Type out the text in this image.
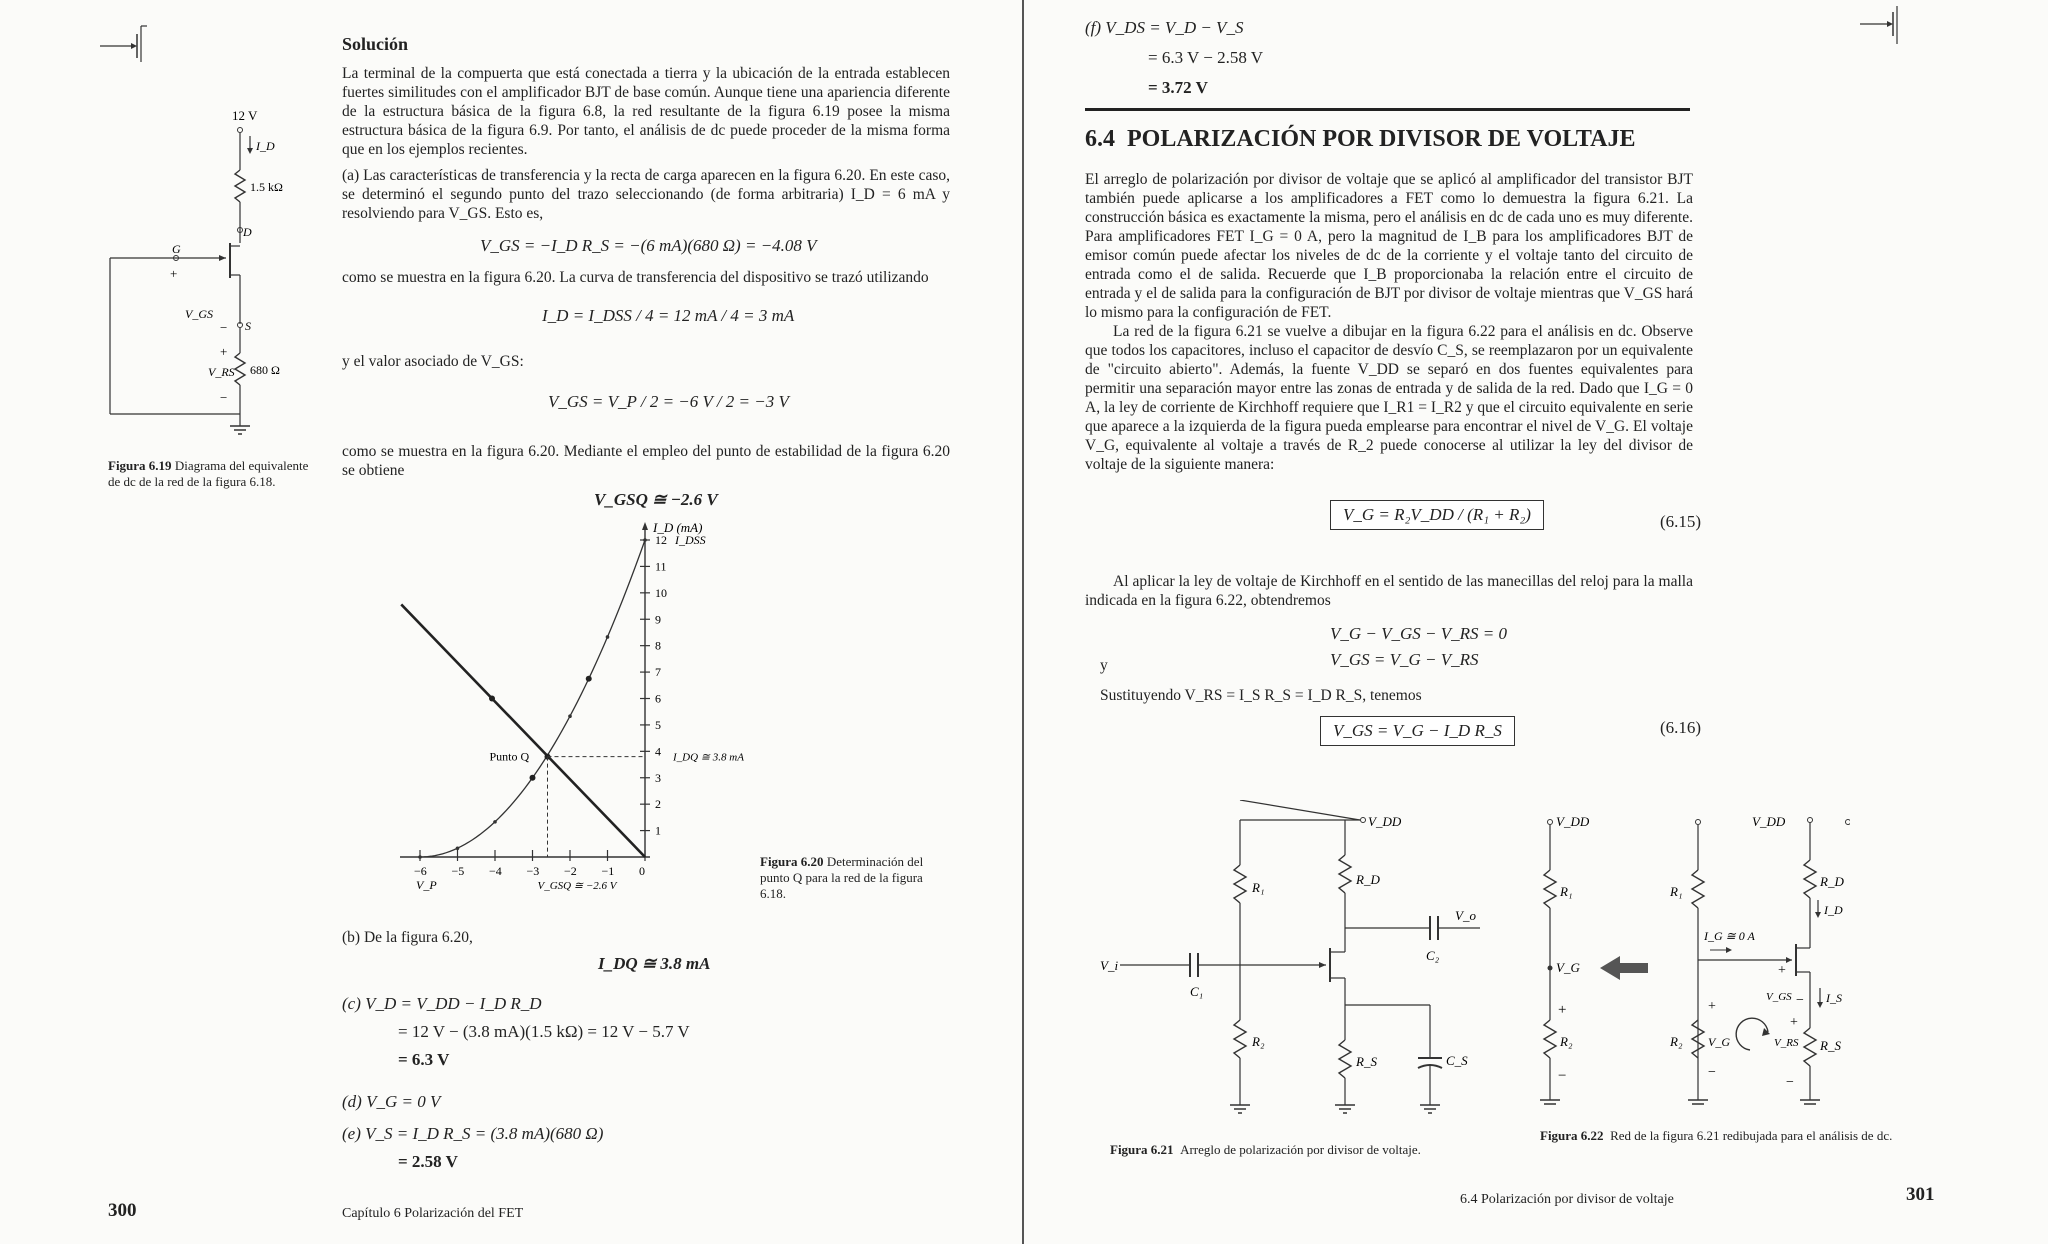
12 V
I_D
1.5 kΩ
D
G
+
V_GS
− S
+
V_RS 680 Ω
−
Figura 6.19 Diagrama del equivalente de dc de la red de la figura 6.18.
Solución
La terminal de la compuerta que está conectada a tierra y la ubicación de la entrada establecen fuertes similitudes con el amplificador BJT de base común. Aunque tiene una apariencia diferente de la estructura básica de la figura 6.8, la red resultante de la figura 6.19 posee la misma estructura básica de la figura 6.9. Por tanto, el análisis de dc puede proceder de la misma forma que en los ejemplos recientes.
(a) Las características de transferencia y la recta de carga aparecen en la figura 6.20. En este caso, se determinó el segundo punto del trazo seleccionando (de forma arbitraria) I_D = 6 mA y resolviendo para V_GS. Esto es,
V_GS = −I_D R_S = −(6 mA)(680 Ω) = −4.08 V
como se muestra en la figura 6.20. La curva de transferencia del dispositivo se trazó utilizando
I_D = I_DSS / 4 = 12 mA / 4 = 3 mA
y el valor asociado de V_GS:
V_GS = V_P / 2 = −6 V / 2 = −3 V
como se muestra en la figura 6.20. Mediante el empleo del punto de estabilidad de la figura 6.20 se obtiene
V_GSQ ≅ −2.6 V
I_D (mA)
−6 −5 −4 −3 −2 −1 0
1
2
3
4
5
6
7
8
9
10
11
12 I_DSS
V_P
Punto Q	I_DQ ≅ 3.8 mA
V_GSQ ≅ −2.6 V
Figura 6.20 Determinación del punto Q para la red de la figura 6.18.
(b) De la figura 6.20,
I_DQ ≅ 3.8 mA
(c) V_D = V_DD − I_D R_D
= 12 V − (3.8 mA)(1.5 kΩ) = 12 V − 5.7 V
= 6.3 V
(d) V_G = 0 V
(e) V_S = I_D R_S = (3.8 mA)(680 Ω)
= 2.58 V
300	Capítulo 6 Polarización del FET
(f) V_DS = V_D − V_S
= 6.3 V − 2.58 V
= 3.72 V
6.4 POLARIZACIÓN POR DIVISOR DE VOLTAJE
El arreglo de polarización por divisor de voltaje que se aplicó al amplificador del transistor BJT también puede aplicarse a los amplificadores a FET como lo demuestra la figura 6.21. La construcción básica es exactamente la misma, pero el análisis en dc de cada uno es muy diferente. Para amplificadores FET I_G = 0 A, pero la magnitud de I_B para los amplificadores BJT de emisor común puede afectar los niveles de dc de la corriente y el voltaje tanto del circuito de entrada como el de salida. Recuerde que I_B proporcionaba la relación entre el circuito de entrada y el de salida para la configuración de BJT por divisor de voltaje mientras que V_GS hará lo mismo para la configuración de FET.
La red de la figura 6.21 se vuelve a dibujar en la figura 6.22 para el análisis en dc. Observe que todos los capacitores, incluso el capacitor de desvío C_S, se reemplazaron por un equivalente de "circuito abierto". Además, la fuente V_DD se separó en dos fuentes equivalentes para permitir una separación mayor entre las zonas de entrada y de salida de la red. Dado que I_G = 0 A, la ley de corriente de Kirchhoff requiere que I_R1 = I_R2 y que el circuito equivalente en serie que aparece a la izquierda de la figura pueda emplearse para encontrar el nivel de V_G. El voltaje V_G, equivalente al voltaje a través de R_2 puede conocerse al utilizar la ley del divisor de voltaje de la siguiente manera:
V_G = R₂V_DD / (R₁ + R₂)	(6.15)
Al aplicar la ley de voltaje de Kirchhoff en el sentido de las manecillas del reloj para la malla indicada en la figura 6.22, obtendremos
V_G − V_GS − V_RS = 0
y	V_GS = V_G − V_RS
Sustituyendo V_RS = I_S R_S = I_D R_S, tenemos
V_GS = V_G − I_D R_S	(6.16)
V_DD
R₁
R_D
C₂
V_o
V_i
C₁
R₂
R_S	C_S
V_DD
R₁
V_G
+
R₂
−
R₁
I_G ≅ 0 A
+
R₂ V_G
+
−
V_DD
R_D
I_D
V_GS − I_S
+
V_RS R_S
−
Figura 6.21 Arreglo de polarización por divisor de voltaje.
Figura 6.22 Red de la figura 6.21 redibujada para el análisis de dc.
6.4 Polarización por divisor de voltaje	301
